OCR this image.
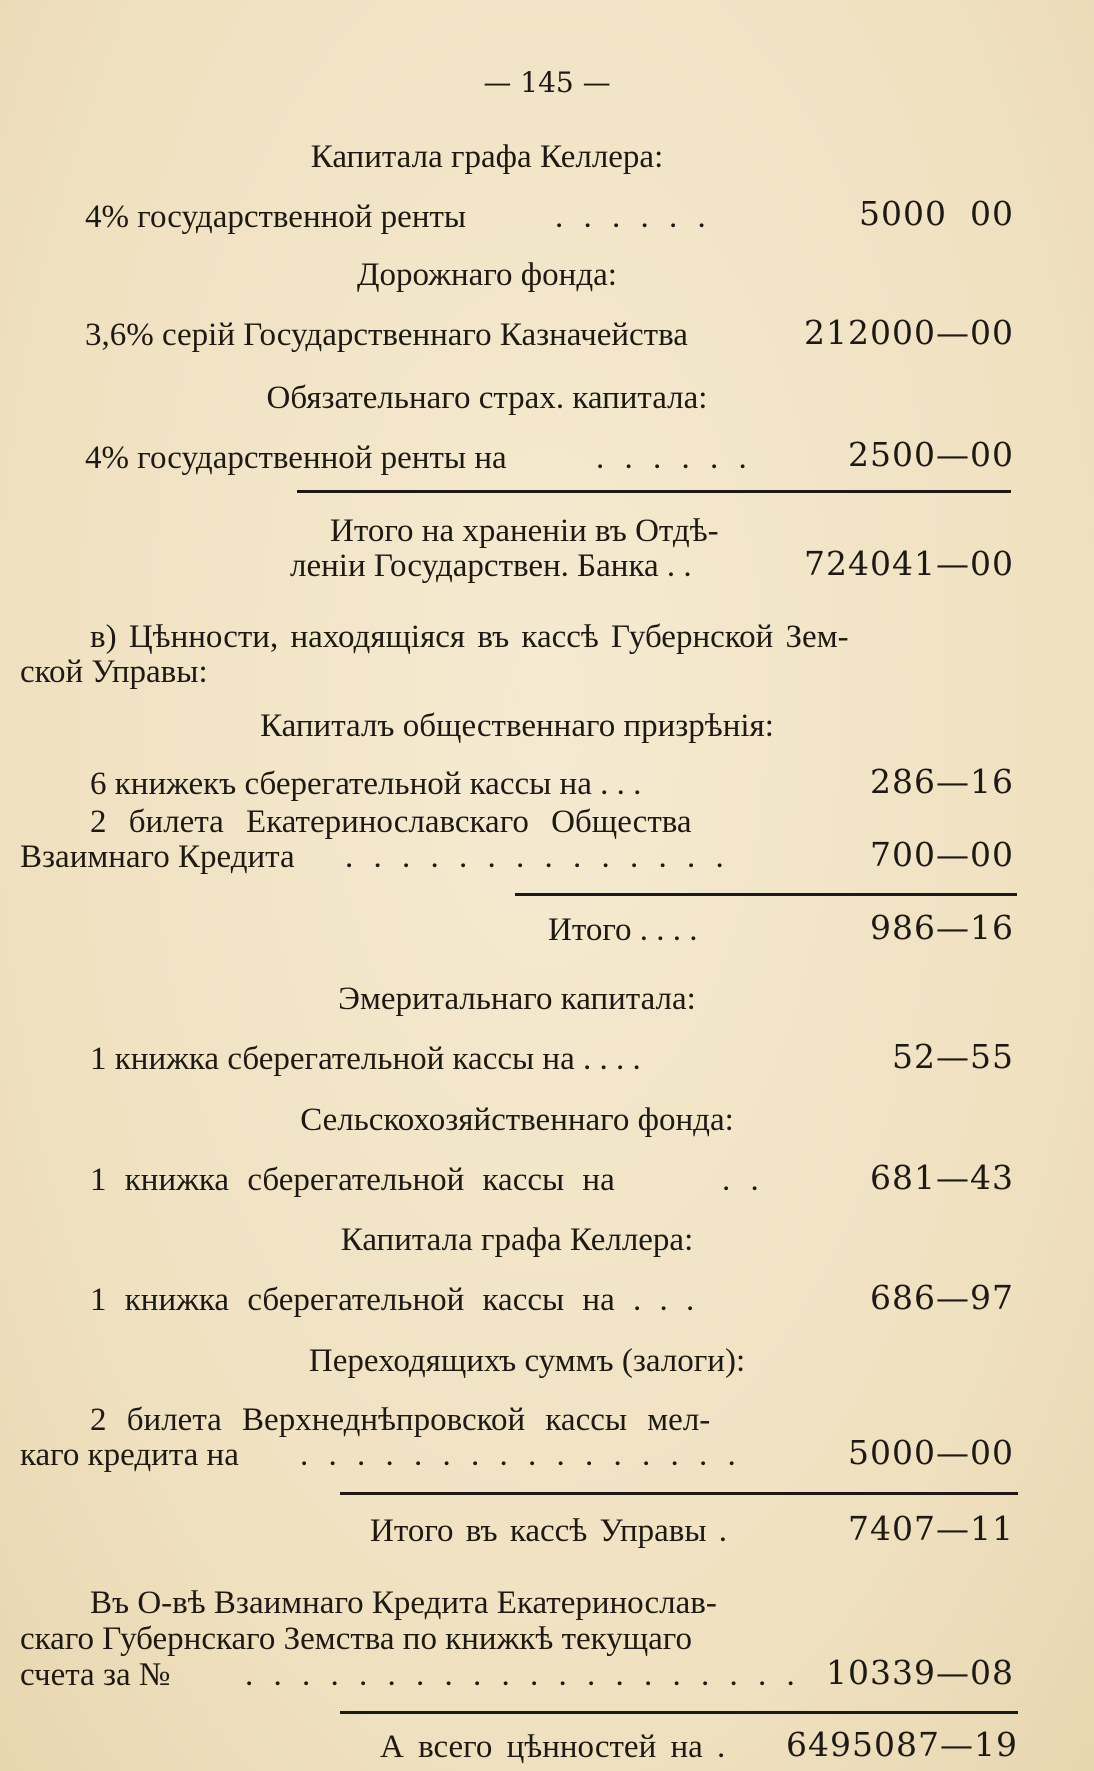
— 145 —
Капитала графа Келлера:
4% государственной ренты	. . . . . .	5000  00
Дорожнаго фонда:
3,6% серій Государственнаго Казначейства	212000—00
Обязательнаго страх. капитала:
4% государственной ренты на	. . . . . .	2500—00
Итого на храненіи въ Отдѣ-
леніи Государствен. Банка . .	724041—00
в) Цѣнности, находящіяся въ кассѣ Губернской Зем-
ской Управы:
Капиталъ общественнаго призрѣнія:
6 книжекъ сберегательной кассы на . . .	286—16
2 билета Екатеринославскаго Общества
Взаимнаго Кредита . . . . . . . . . . . . . .	700—00
Итого . . . .	986—16
Эмеритальнаго капитала:
1 книжка сберегательной кассы на . . . .	52—55
Сельскохозяйственнаго фонда:
1 книжка сберегательной кассы на	. .	681—43
Капитала графа Келлера:
1 книжка сберегательной кассы на . . .	686—97
Переходящихъ суммъ (залоги):
2 билета Верхнеднѣпровской кассы мел-
каго кредита на . . . . . . . . . . . . . . . .	5000—00
Итого въ кассѣ Управы .	7407—11
Въ О-вѣ Взаимнаго Кредита Екатеринослав-
скаго Губернскаго Земства по книжкѣ текущаго
счета за № . . . . . . . . . . . . . . . . . . . . 10339—08
А всего цѣнностей на . 6495087—19
